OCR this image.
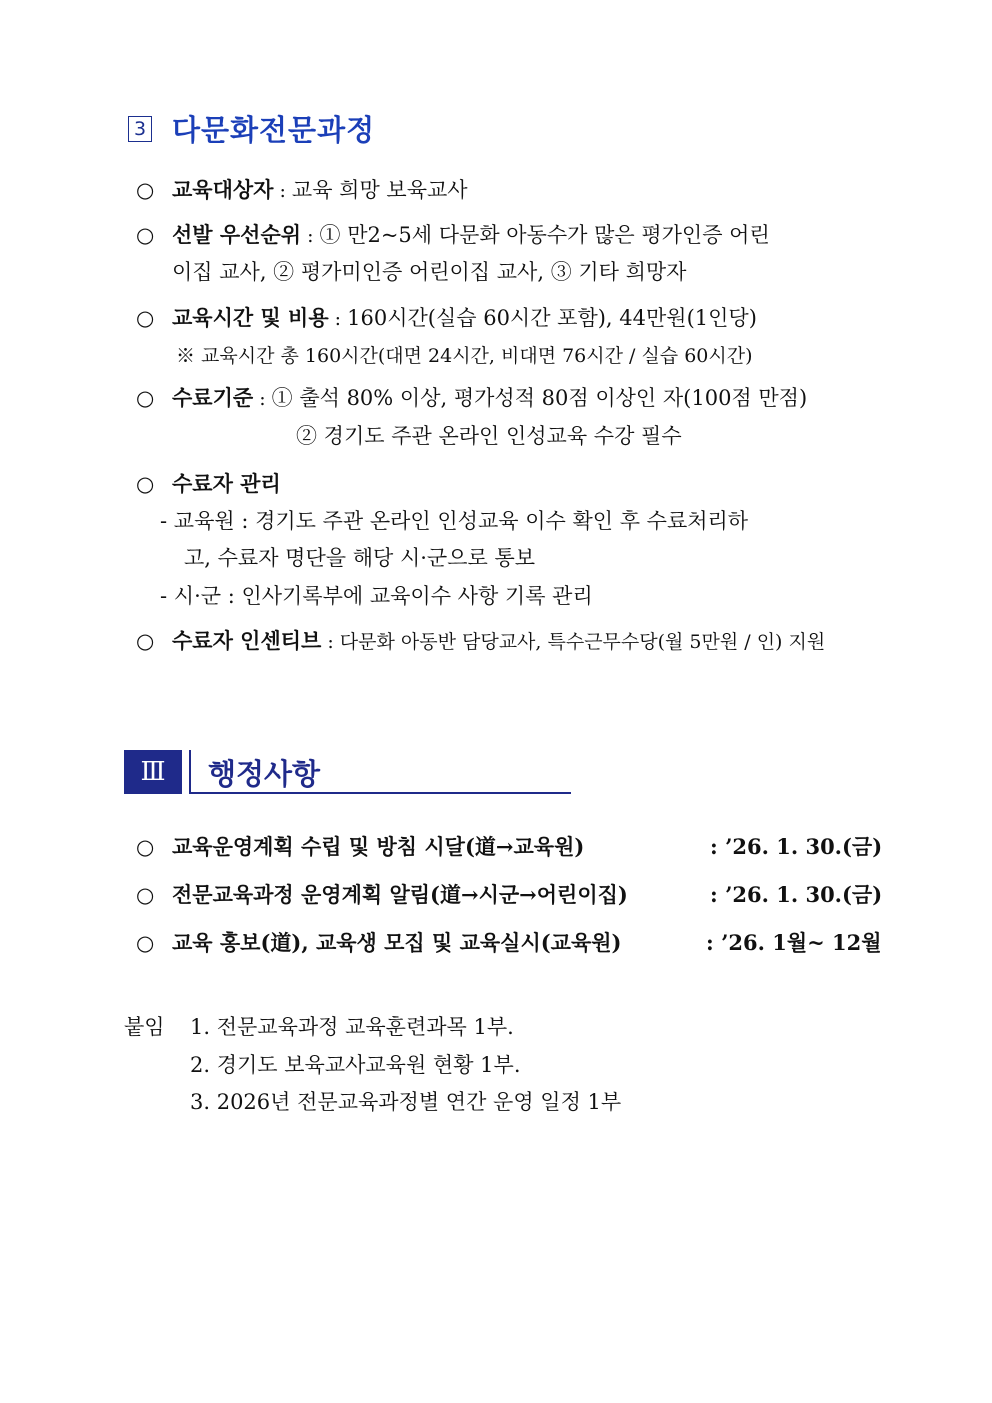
3 다문화전문과정
○ 교육대상자 : 교육 희망 보육교사
○ 선발 우선순위 : ① 만2~5세 다문화 아동수가 많은 평가인증 어린
이집 교사, ② 평가미인증 어린이집 교사, ③ 기타 희망자
○ 교육시간 및 비용 : 160시간(실습 60시간 포함), 44만원(1인당)
※ 교육시간 총 160시간(대면 24시간, 비대면 76시간 / 실습 60시간)
○ 수료기준 : ① 출석 80% 이상, 평가성적 80점 이상인 자(100점 만점)
② 경기도 주관 온라인 인성교육 수강 필수
○ 수료자 관리
- 교육원 : 경기도 주관 온라인 인성교육 이수 확인 후 수료처리하
고, 수료자 명단을 해당 시·군으로 통보
- 시·군 : 인사기록부에 교육이수 사항 기록 관리
○ 수료자 인센티브 : 다문화 아동반 담당교사, 특수근무수당(월 5만원 / 인) 지원
Ⅲ	행정사항
○ 교육운영계획 수립 및 방침 시달(道→교육원)	: ’26. 1. 30.(금)
○ 전문교육과정 운영계획 알림(道→시군→어린이집)	: ’26. 1. 30.(금)
○ 교육 홍보(道), 교육생 모집 및 교육실시(교육원)	: ’26. 1월~ 12월
붙임 1. 전문교육과정 교육훈련과목 1부.
2. 경기도 보육교사교육원 현황 1부.
3. 2026년 전문교육과정별 연간 운영 일정 1부
